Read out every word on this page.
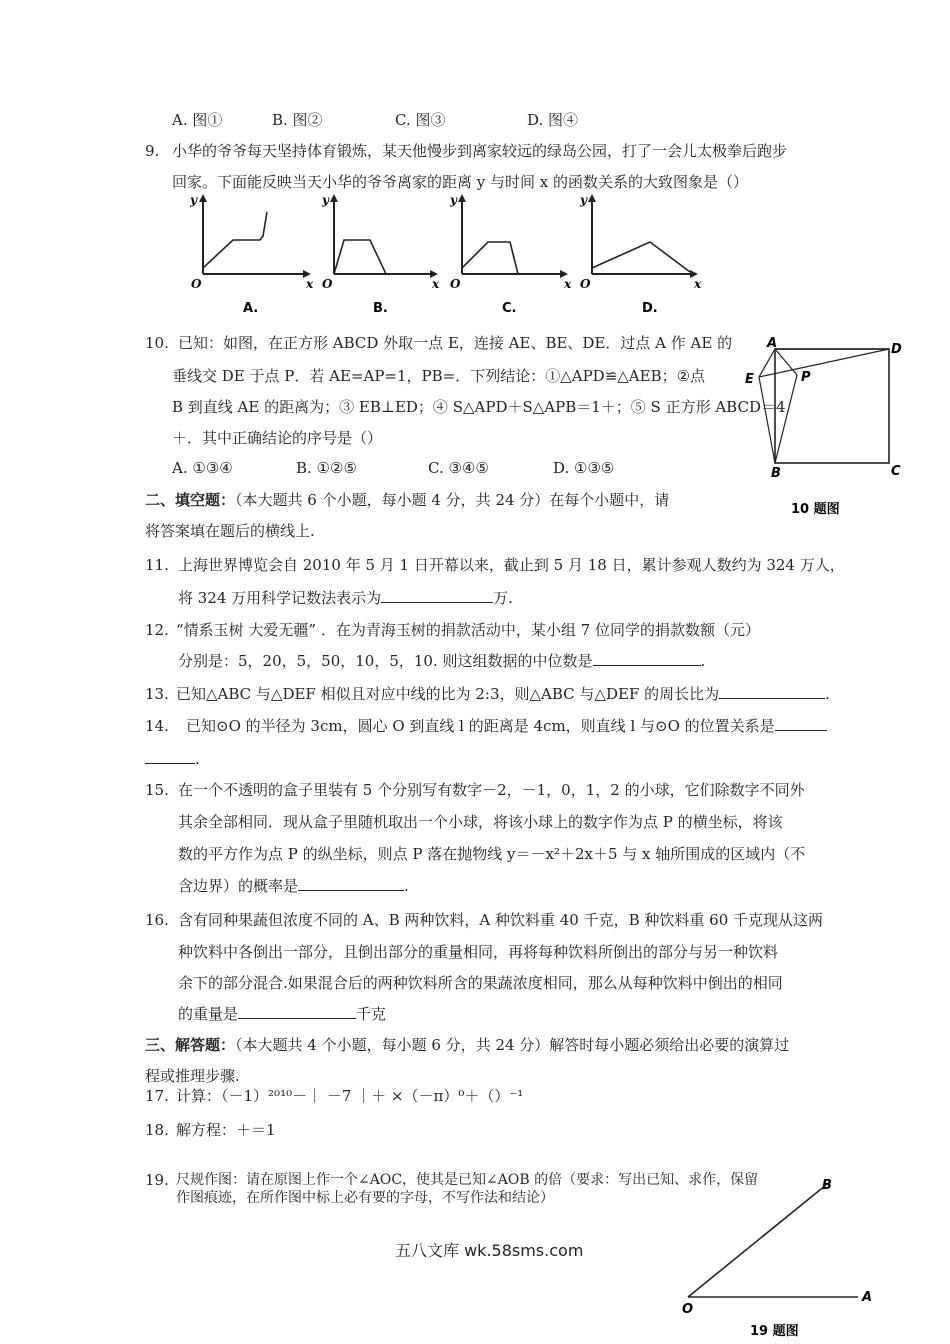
A. 图①	B. 图②	C. 图③	D. 图④
9. 小华的爷爷每天坚持体育锻炼，某天他慢步到离家较远的绿岛公园，打了一会儿太极拳后跑步
回家。下面能反映当天小华的爷爷离家的距离 y 与时间 x 的函数关系的大致图象是（）
y
x
O
A.
y
x
O
B.
y
x
O
C.
y
x
O
D.
10. 已知：如图，在正方形 ABCD 外取一点 E，连接 AE、BE、DE．过点 A 作 AE 的
垂线交 DE 于点 P．若 AE=AP=1，PB=．下列结论：①△APD≌△AEB；②点
B 到直线 AE 的距离为；③ EB⊥ED；④ S△APD＋S△APB＝1＋；⑤ S 正方形 ABCD＝4
＋．其中正确结论的序号是（）
A. ①③④	B. ①②⑤	C. ③④⑤	D. ①③⑤
A	D
E	P
B	C
10 题图
二、填空题：（本大题共 6 个小题，每小题 4 分，共 24 分）在每个小题中，请
将答案填在题后的横线上.
11. 上海世界博览会自 2010 年 5 月 1 日开幕以来，截止到 5 月 18 日，累计参观人数约为 324 万人，
将 324 万用科学记数法表示为	万.
12. “情系玉树 大爱无疆” ．在为青海玉树的捐款活动中，某小组 7 位同学的捐款数额（元）
分别是：5，20，5，50，10，5，10. 则这组数据的中位数是	.
13. 已知△ABC 与△DEF 相似且对应中线的比为 2:3，则△ABC 与△DEF 的周长比为	.
14. 已知⊙O 的半径为 3cm，圆心 O 到直线 l 的距离是 4cm，则直线 l 与⊙O 的位置关系是
.
15. 在一个不透明的盒子里装有 5 个分别写有数字－2，－1，0，1，2 的小球，它们除数字不同外
其余全部相同．现从盒子里随机取出一个小球，将该小球上的数字作为点 P 的横坐标，将该
数的平方作为点 P 的纵坐标，则点 P 落在抛物线 y＝－x²＋2x＋5 与 x 轴所围成的区域内（不
含边界）的概率是	.
16. 含有同种果蔬但浓度不同的 A、B 两种饮料，A 种饮料重 40 千克，B 种饮料重 60 千克现从这两
种饮料中各倒出一部分，且倒出部分的重量相同，再将每种饮料所倒出的部分与另一种饮料
余下的部分混合.如果混合后的两种饮料所含的果蔬浓度相同，那么从每种饮料中倒出的相同
的重量是	千克
三、解答题：（本大题共 4 个小题，每小题 6 分，共 24 分）解答时每小题必须给出必要的演算过
程或推理步骤.
17. 计算：（－1）²⁰¹⁰－｜ －7 ｜＋ ×（－π）⁰＋（）⁻¹
18. 解方程：＋＝1
19. 尺规作图：请在原图上作一个∠AOC，使其是已知∠AOB 的倍（要求：写出已知、求作，保留
作图痕迹，在所作图中标上必有要的字母，不写作法和结论）
B
O
A
19 题图
五八文库 wk.58sms.com
